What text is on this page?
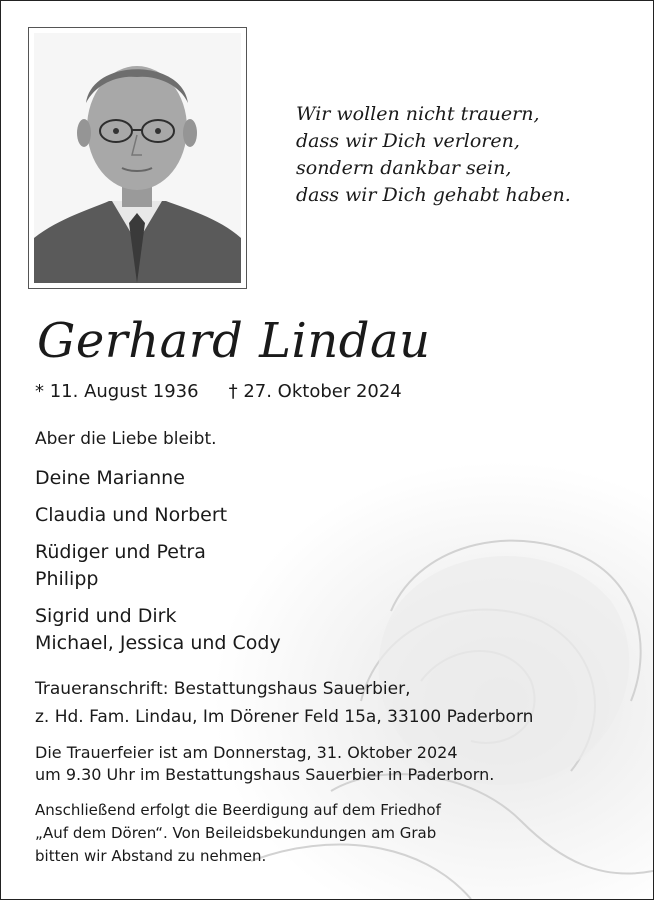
Wir wollen nicht trauern,
dass wir Dich verloren,
sondern dankbar sein,
dass wir Dich gehabt haben.
Gerhard Lindau
* 11. August 1936 † 27. Oktober 2024
Aber die Liebe bleibt.
Deine Marianne
Claudia und Norbert
Rüdiger und Petra
Philipp
Sigrid und Dirk
Michael, Jessica und Cody
Traueranschrift: Bestattungshaus Sauerbier,
z. Hd. Fam. Lindau, Im Dörener Feld 15a, 33100 Paderborn
Die Trauerfeier ist am Donnerstag, 31. Oktober 2024
um 9.30 Uhr im Bestattungshaus Sauerbier in Paderborn.
Anschließend erfolgt die Beerdigung auf dem Friedhof
„Auf dem Dören“. Von Beileidsbekundungen am Grab
bitten wir Abstand zu nehmen.
